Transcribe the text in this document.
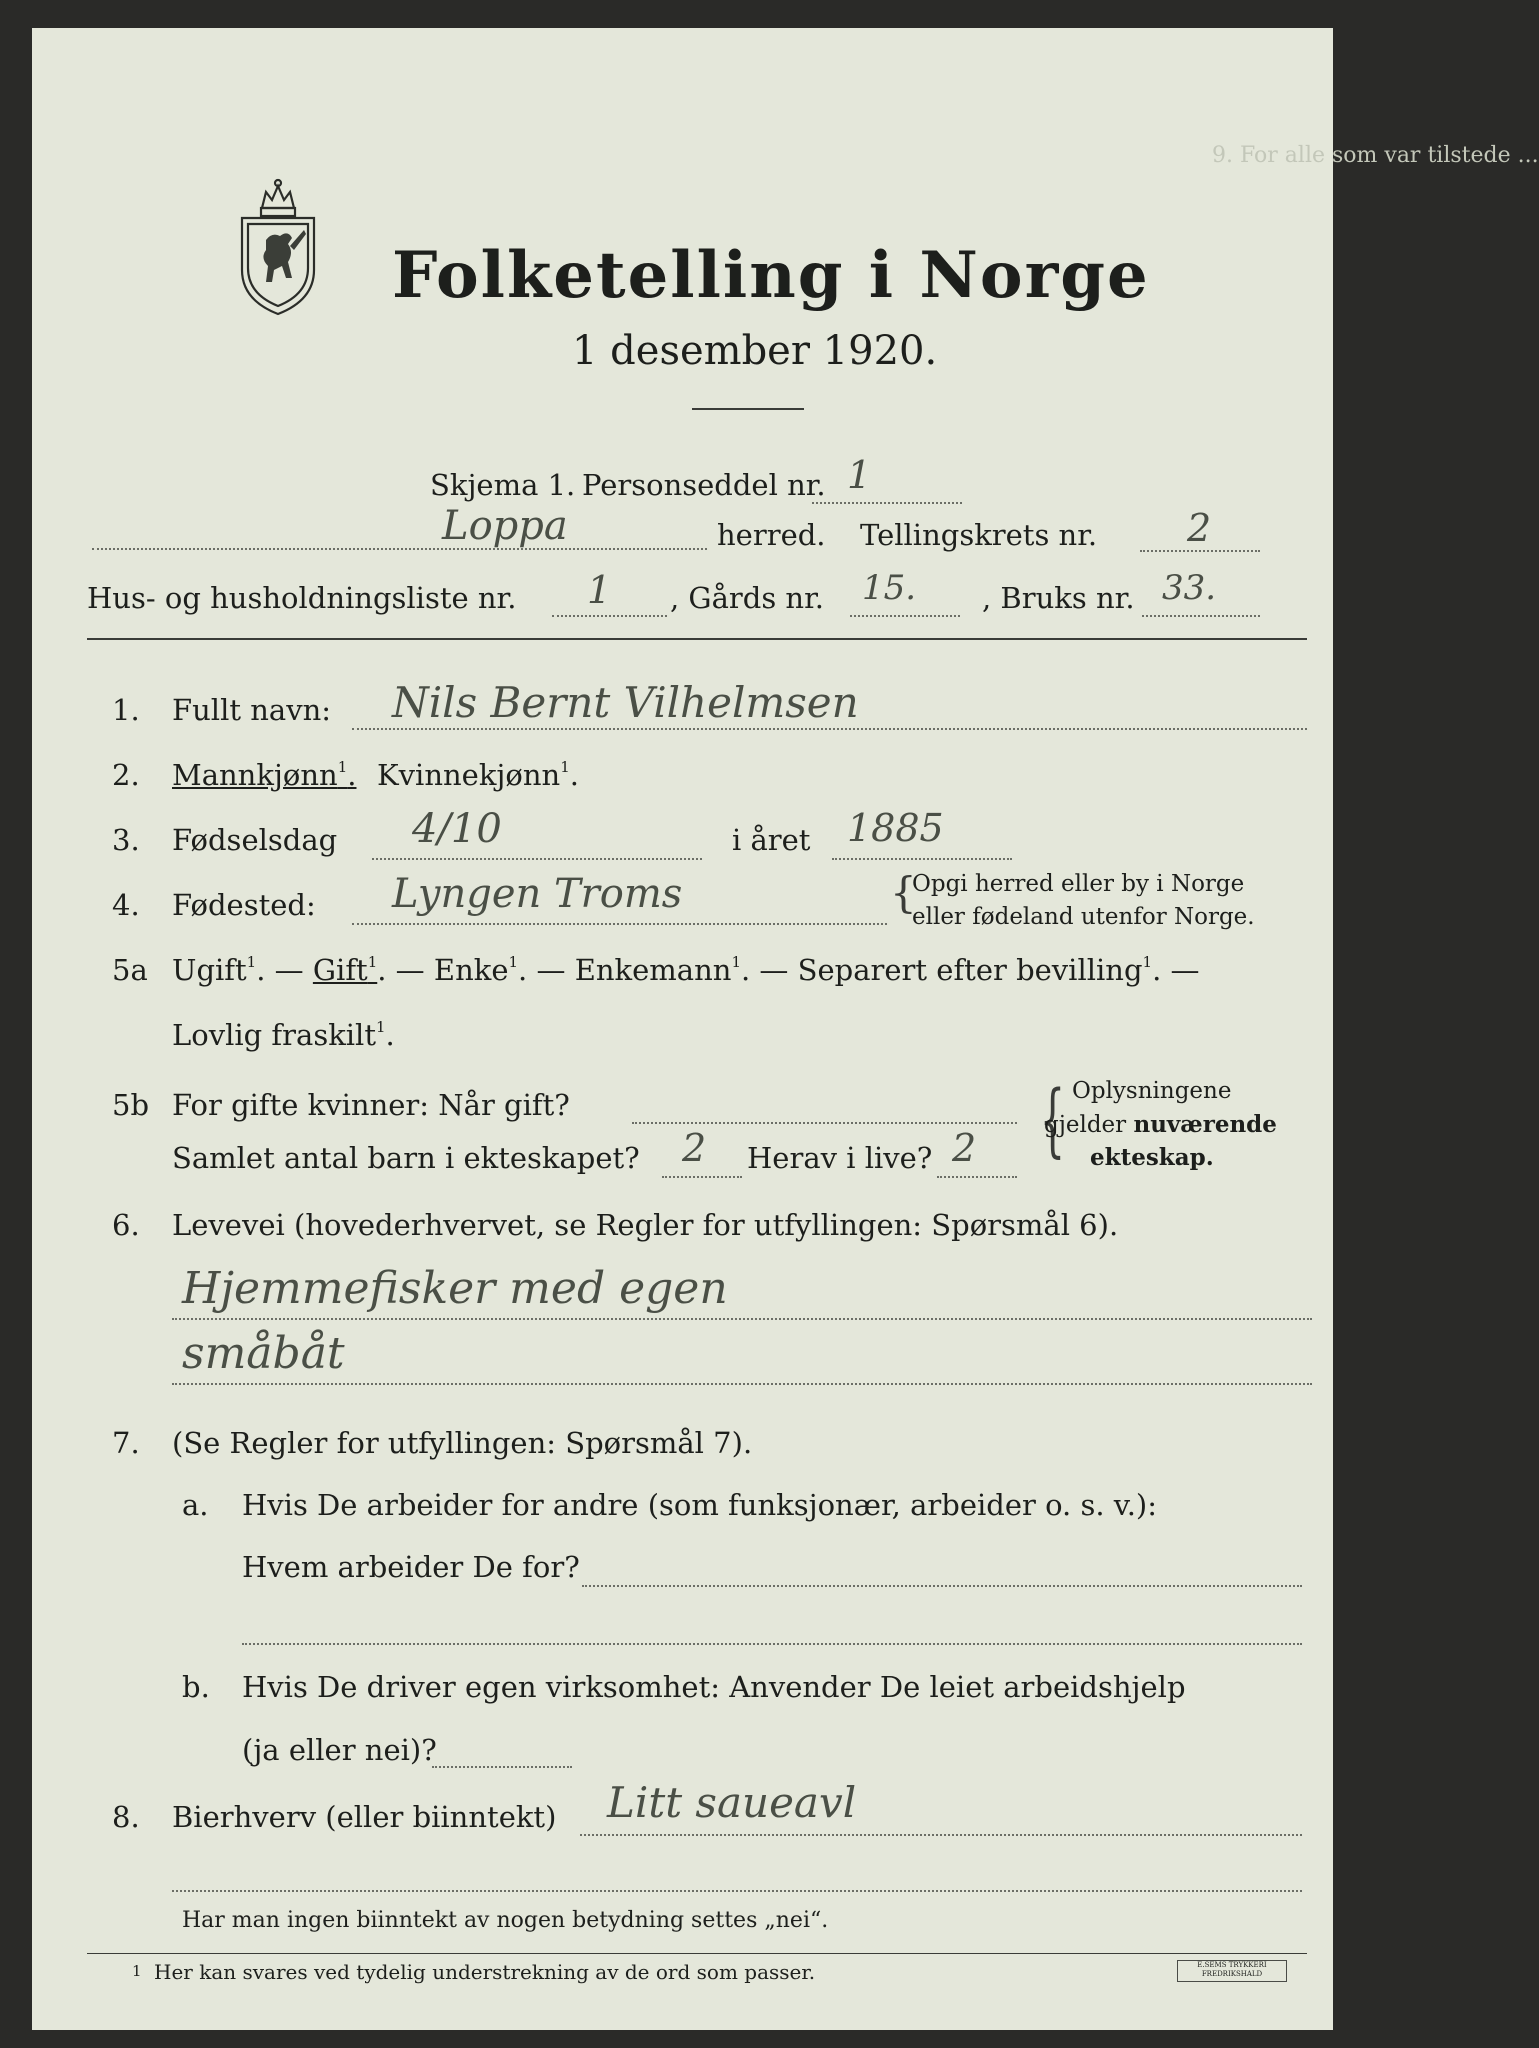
9. For alle som var tilstede ...
Folketelling i Norge
1 desember 1920.
Skjema 1. Personseddel nr. 1
Loppa	herred. Tellingskrets nr. 2
Hus- og husholdningsliste nr. 1 , Gårds nr. 15. , Bruks nr. 33.
1. Fullt navn: Nils Bernt Vilhelmsen
2. Mannkjønn$^1$. Kvinnekjønn$^1$.
3. Fødselsdag 4/10	i året 1885
4. Fødested: Lyngen Troms	{
Opgi herred eller by i Norge
eller fødeland utenfor Norge.
5a Ugift$^1$. — Gift$^1$. — Enke$^1$. — Enkemann$^1$. — Separert efter bevilling$^1$. —
Lovlig fraskilt$^1$.
5b For gifte kvinner: Når gift?
Samlet antal barn i ekteskapet? 2 Herav i live? 2 { Oplysningene
gjelder nuværende
ekteskap.
6. Levevei (hovederhvervet, se Regler for utfyllingen: Spørsmål 6).
Hjemmefisker med egen
småbåt
7. (Se Regler for utfyllingen: Spørsmål 7).
a. Hvis De arbeider for andre (som funksjonær, arbeider o. s. v.):
Hvem arbeider De for?
b. Hvis De driver egen virksomhet: Anvender De leiet arbeidshjelp
(ja eller nei)?
8. Bierhverv (eller biinntekt) Litt saueavl
Har man ingen biinntekt av nogen betydning settes „nei“.
1 Her kan svares ved tydelig understrekning av de ord som passer.	E.SEMS TRYKKERI FREDRIKSHALD
